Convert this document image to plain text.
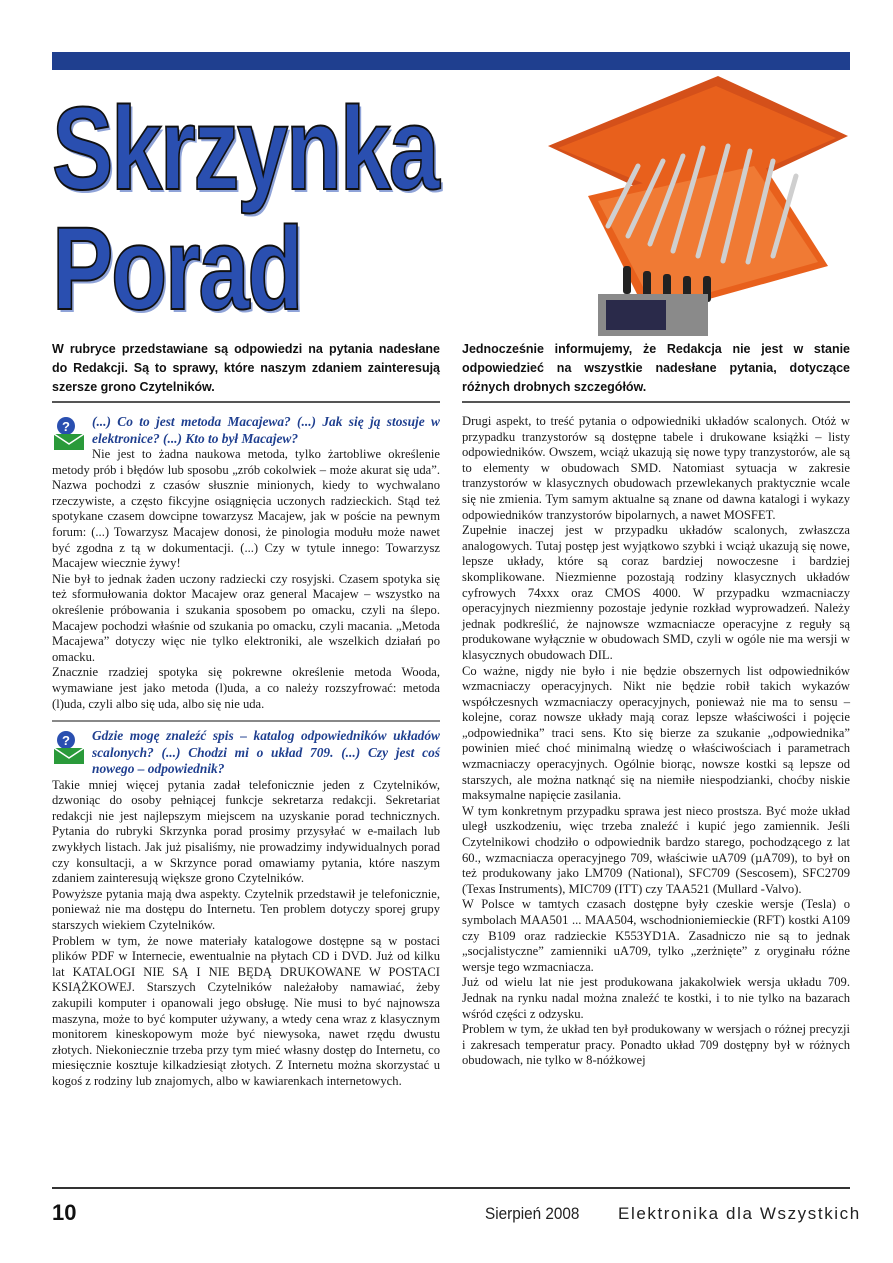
Skrzynka
Porad
W rubryce przedstawiane są odpowiedzi na pytania nadesłane do Redakcji. Są to sprawy, które naszym zdaniem zainteresują szersze grono Czytelników.
Jednocześnie informujemy, że Redakcja nie jest w stanie odpowiedzieć na wszystkie nadesłane pytania, dotyczące różnych drobnych szczegółów.
?	(...) Co to jest metoda Macajewa? (...) Jak się ją stosuje w elektronice? (...) Kto to był Macajew?

Nie jest to żadna naukowa metoda, tylko żartobliwe określenie metody prób i błędów lub sposobu „zrób cokolwiek – może akurat się uda”. Nazwa pochodzi z czasów słusznie minionych, kiedy to wychwalano rzeczywiste, a często fikcyjne osiągnięcia uczonych radzieckich. Stąd też spotykane czasem dowcipne towarzysz Macajew, jak w poście na pewnym forum: (...) Towarzysz Macajew donosi, że pinologia modułu może nawet być zgodna z tą w dokumentacji. (...) Czy w tytule innego: Towarzysz Macajew wiecznie żywy!

Nie był to jednak żaden uczony radziecki czy rosyjski. Czasem spotyka się też sformułowania doktor Macajew oraz general Macajew – wszystko na określenie próbowania i szukania sposobem po omacku, czyli na ślepo. Macajew pochodzi właśnie od szukania po omacku, czyli macania. „Metoda Macajewa” dotyczy więc nie tylko elektroniki, ale wszelkich działań po omacku.

Znacznie rzadziej spotyka się pokrewne określenie metoda Wooda, wymawiane jest jako metoda (l)uda, a co należy rozszyfrować: metoda (l)uda, czyli albo się uda, albo się nie uda.

?	Gdzie mogę znaleźć spis – katalog odpowiedników układów scalonych? (...) Chodzi mi o układ 709. (...) Czy jest coś nowego – odpowiednik?

Takie mniej więcej pytania zadał telefonicznie jeden z Czytelników, dzwoniąc do osoby pełniącej funkcje sekretarza redakcji. Sekretariat redakcji nie jest najlepszym miejscem na uzyskanie porad technicznych. Pytania do rubryki Skrzynka porad prosimy przysyłać w e-mailach lub zwykłych listach. Jak już pisaliśmy, nie prowadzimy indywidualnych porad czy konsultacji, a w Skrzynce porad omawiamy pytania, które naszym zdaniem zainteresują większe grono Czytelników.

Powyższe pytania mają dwa aspekty. Czytelnik przedstawił je telefonicznie, ponieważ nie ma dostępu do Internetu. Ten problem dotyczy sporej grupy starszych wiekiem Czytelników.

Problem w tym, że nowe materiały katalogowe dostępne są w postaci plików PDF w Internecie, ewentualnie na płytach CD i DVD. Już od kilku lat KATALOGI NIE SĄ I NIE BĘDĄ DRUKOWANE W POSTACI KSIĄŻKOWEJ. Starszych Czytelników należałoby namawiać, żeby zakupili komputer i opanowali jego obsługę. Nie musi to być najnowsza maszyna, może to być komputer używany, a wtedy cena wraz z klasycznym monitorem kineskopowym może być niewysoka, nawet rzędu dwustu złotych. Niekoniecznie trzeba przy tym mieć własny dostęp do Internetu, co miesięcznie kosztuje kilkadziesiąt złotych. Z Internetu można skorzystać u kogoś z rodziny lub znajomych, albo w kawiarenkach internetowych.

Drugi aspekt, to treść pytania o odpowiedniki układów scalonych. Otóż w przypadku tranzystorów są dostępne tabele i drukowane książki – listy odpowiedników. Owszem, wciąż ukazują się nowe typy tranzystorów, ale są to elementy w obudowach SMD. Natomiast sytuacja w zakresie tranzystorów w klasycznych obudowach przewlekanych praktycznie wcale się nie zmienia. Tym samym aktualne są znane od dawna katalogi i wykazy odpowiedników tranzystorów bipolarnych, a nawet MOSFET.

Zupełnie inaczej jest w przypadku układów scalonych, zwłaszcza analogowych. Tutaj postęp jest wyjątkowo szybki i wciąż ukazują się nowe, lepsze układy, które są coraz bardziej nowoczesne i bardziej skomplikowane. Niezmienne pozostają rodziny klasycznych układów cyfrowych 74xxx oraz CMOS 4000. W przypadku wzmacniaczy operacyjnych niezmienny pozostaje jedynie rozkład wyprowadzeń. Należy jednak podkreślić, że najnowsze wzmacniacze operacyjne z reguły są produkowane wyłącznie w obudowach SMD, czyli w ogóle nie ma wersji w klasycznych obudowach DIL.

Co ważne, nigdy nie było i nie będzie obszernych list odpowiedników wzmacniaczy operacyjnych. Nikt nie będzie robił takich wykazów współczesnych wzmacniaczy operacyjnych, ponieważ nie ma to sensu – kolejne, coraz nowsze układy mają coraz lepsze właściwości i pojęcie „odpowiednika” traci sens. Kto się bierze za szukanie „odpowiednika” powinien mieć choć minimalną wiedzę o właściwościach i parametrach wzmacniaczy operacyjnych. Ogólnie biorąc, nowsze kostki są lepsze od starszych, ale można natknąć się na niemiłe niespodzianki, choćby niskie maksymalne napięcie zasilania.

W tym konkretnym przypadku sprawa jest nieco prostsza. Być może układ uległ uszkodzeniu, więc trzeba znaleźć i kupić jego zamiennik. Jeśli Czytelnikowi chodziło o odpowiednik bardzo starego, pochodzącego z lat 60., wzmacniacza operacyjnego 709, właściwie uA709 (µA709), to był on też produkowany jako LM709 (National), SFC709 (Sescosem), SFC2709 (Texas Instruments), MIC709 (ITT) czy TAA521 (Mullard -Valvo).

W Polsce w tamtych czasach dostępne były czeskie wersje (Tesla) o symbolach MAA501 ... MAA504, wschodnioniemieckie (RFT) kostki A109 czy B109 oraz radzieckie K553YD1A. Zasadniczo nie są to jednak „socjalistyczne” zamienniki uA709, tylko „zerżnięte” z oryginału różne wersje tego wzmacniacza.

Już od wielu lat nie jest produkowana jakakolwiek wersja układu 709. Jednak na rynku nadal można znaleźć te kostki, i to nie tylko na bazarach wśród części z odzysku.

Problem w tym, że układ ten był produkowany w wersjach o różnej precyzji i zakresach temperatur pracy. Ponadto układ 709 dostępny był w różnych obudowach, nie tylko w 8-nóżkowej

10	Sierpień 2008 Elektronika dla Wszystkich
